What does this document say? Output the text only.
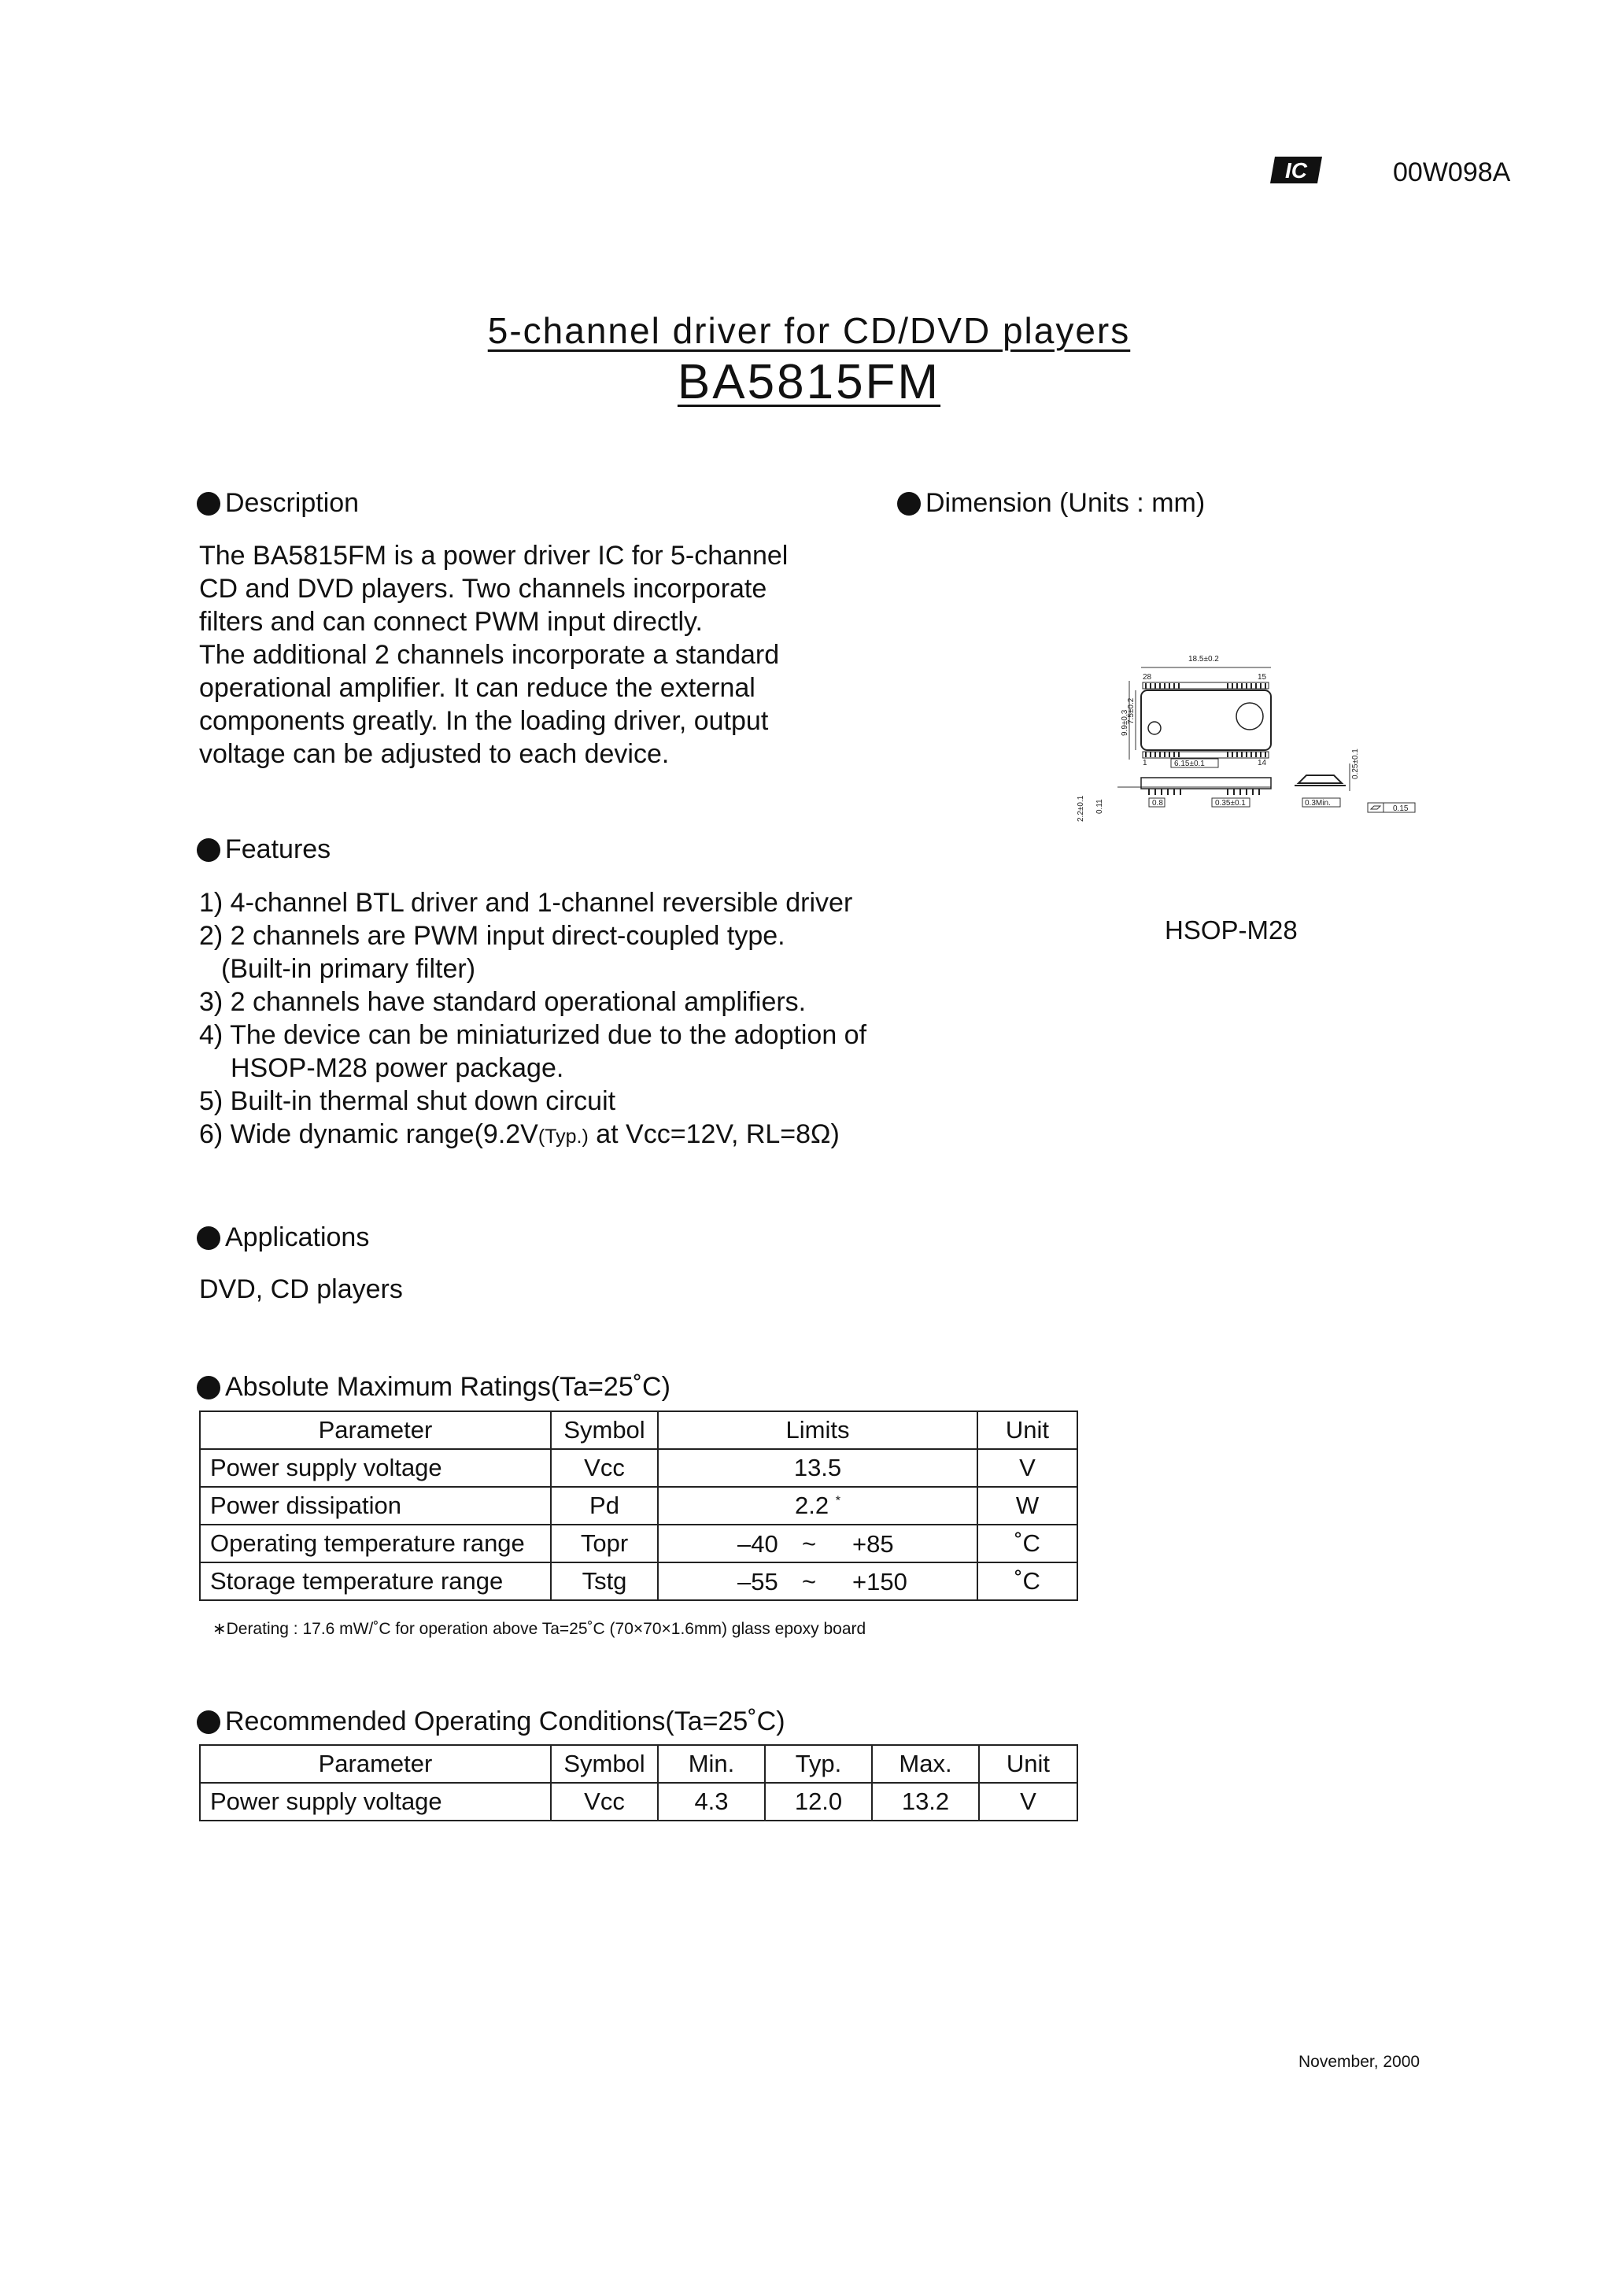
IC	00W098A
5-channel driver for CD/DVD players
BA5815FM
Description
The BA5815FM is a power driver IC for 5-channel
CD and DVD players. Two channels incorporate
filters and can connect PWM input directly.
The additional 2 channels incorporate a standard
operational amplifier. It can reduce the external
components greatly. In the loading driver, output
voltage can be adjusted to each device.
Dimension (Units : mm)
18.5±0.2
28	15
1	14
6.15±0.1
9.9±0.3
7.5±0.2
2.2±0.1 0.11	0.8	0.35±0.1
0.25±0.1
0.3Min.
0.15
HSOP-M28
Features
1) 4-channel BTL driver and 1-channel reversible driver
2) 2 channels are PWM input direct-coupled type.
(Built-in primary filter)
3) 2 channels have standard operational amplifiers.
4) The device can be miniaturized due to the adoption of
HSOP-M28 power package.
5) Built-in thermal shut down circuit
6) Wide dynamic range(9.2V(Typ.) at Vcc=12V, RL=8Ω)
Applications
DVD, CD players
Absolute Maximum Ratings(Ta=25˚C)
Parameter	Symbol	Limits	Unit
Power supply voltage	Vcc	13.5	V
Power dissipation	Pd	2.2 *	W
Operating temperature range	Topr	–40 ~ +85	˚C
Storage temperature range	Tstg	–55 ~ +150	˚C
∗Derating : 17.6 mW/˚C for operation above Ta=25˚C (70×70×1.6mm) glass epoxy board
Recommended Operating Conditions(Ta=25˚C)
Parameter	Symbol	Min.	Typ.	Max.	Unit
Power supply voltage	Vcc	4.3	12.0	13.2	V
November, 2000
